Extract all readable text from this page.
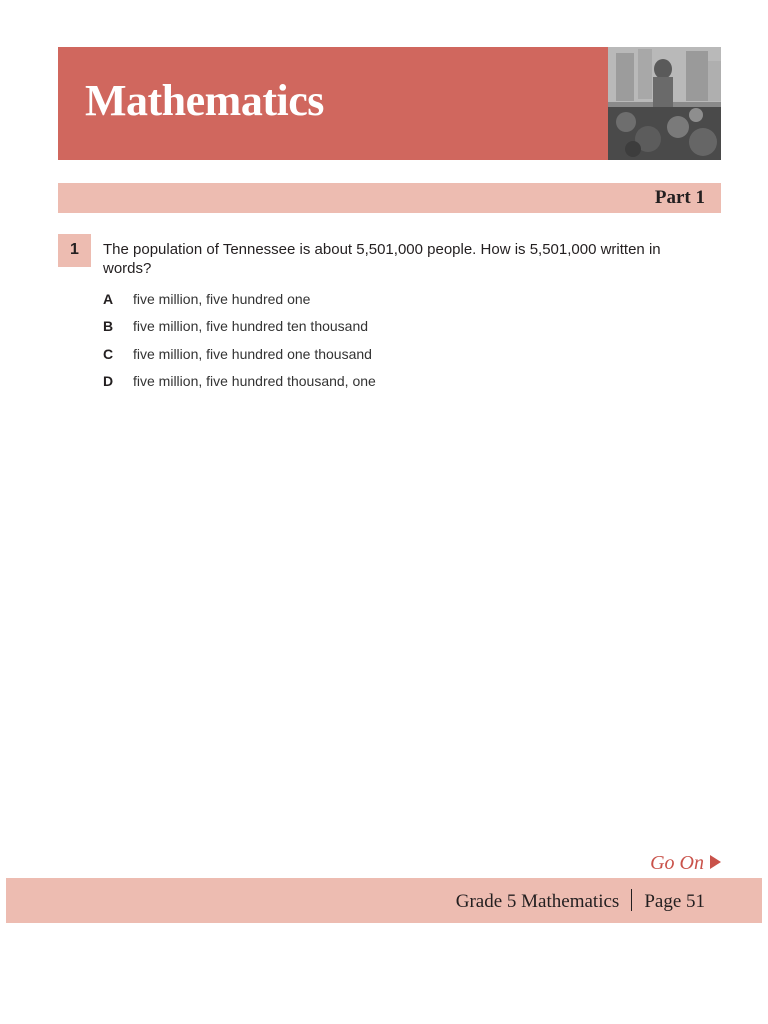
Mathematics
Part 1
1	The population of Tennessee is about 5,501,000 people. How is 5,501,000 written in words?
A five million, five hundred one
B five million, five hundred ten thousand
C five million, five hundred one thousand
D five million, five hundred thousand, one
Go On
Grade 5 Mathematics Page 51
